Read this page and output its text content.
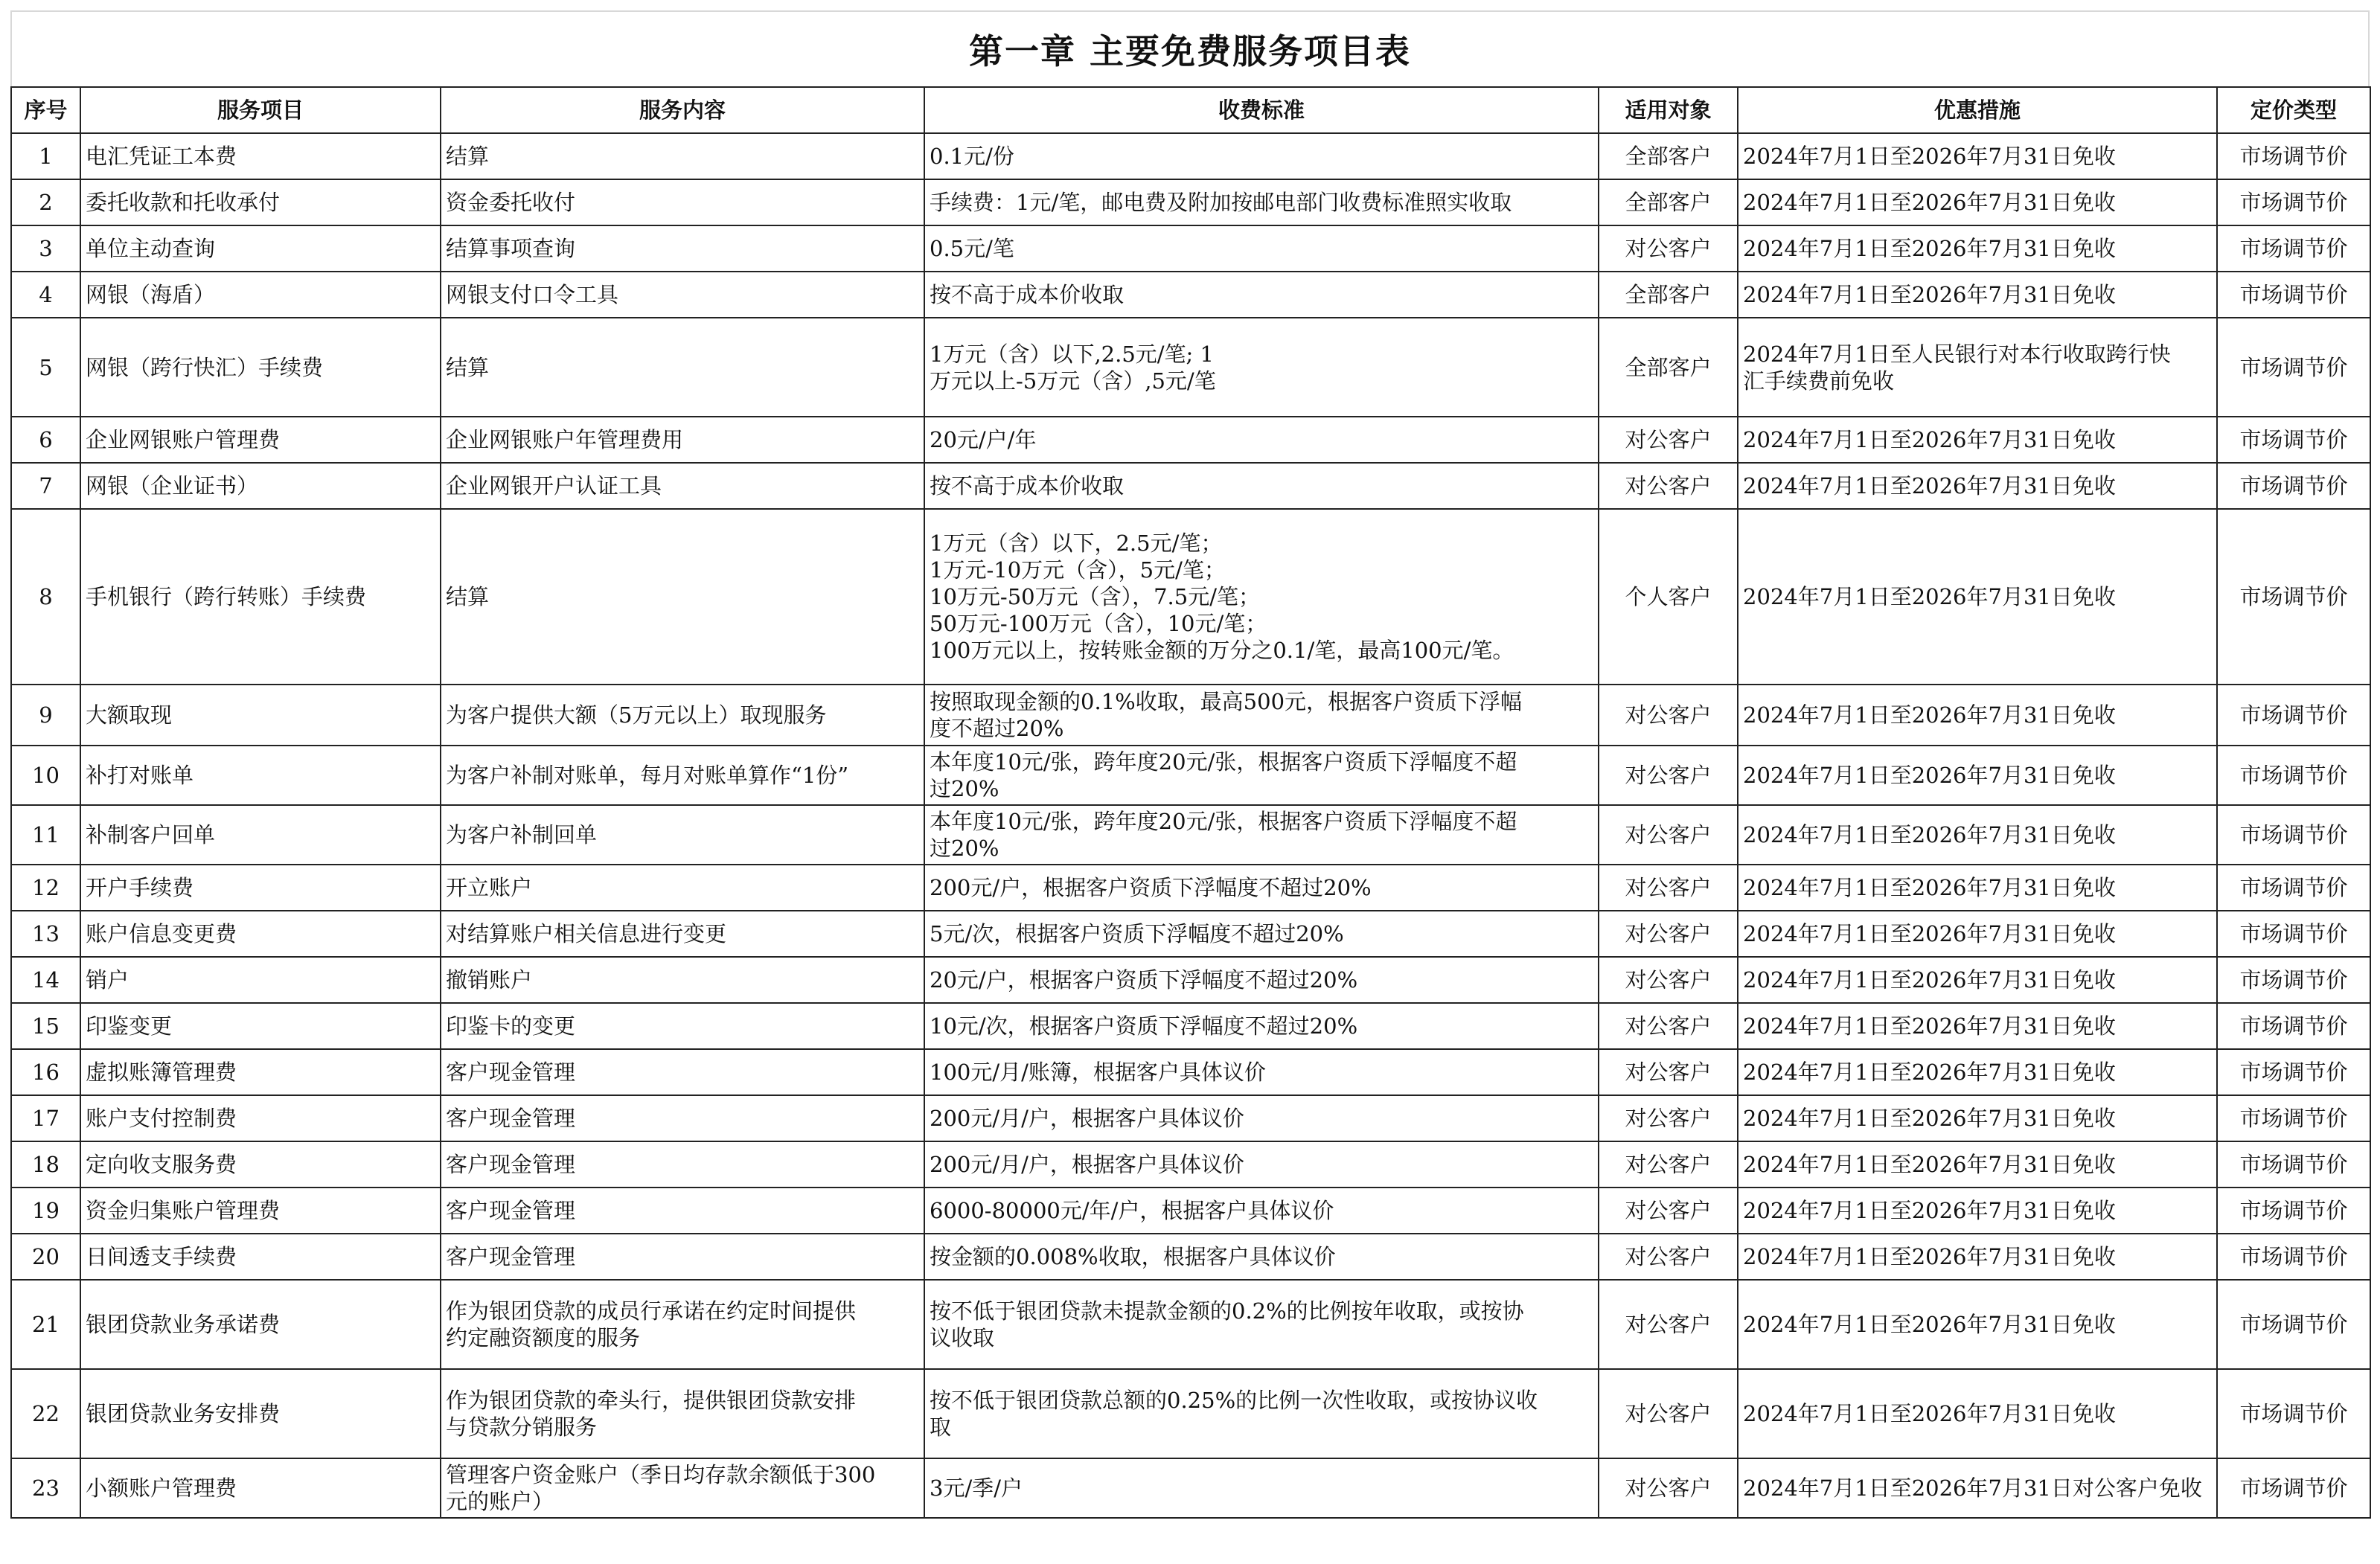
第一章 主要免费服务项目表
序号	服务项目	服务内容	收费标准	适用对象	优惠措施	定价类型
1	电汇凭证工本费	结算	0.1元/份	全部客户	2024年7月1日至2026年7月31日免收	市场调节价
2	委托收款和托收承付	资金委托收付	手续费：1元/笔，邮电费及附加按邮电部门收费标准照实收取	全部客户	2024年7月1日至2026年7月31日免收	市场调节价
3	单位主动查询	结算事项查询	0.5元/笔	对公客户	2024年7月1日至2026年7月31日免收	市场调节价
4	网银（海盾）	网银支付口令工具	按不高于成本价收取	全部客户	2024年7月1日至2026年7月31日免收	市场调节价
5	网银（跨行快汇）手续费	结算	1万元（含）以下,2.5元/笔; 1
万元以上-5万元（含）,5元/笔	全部客户	2024年7月1日至人民银行对本行收取跨行快
汇手续费前免收	市场调节价
6	企业网银账户管理费	企业网银账户年管理费用	20元/户/年	对公客户	2024年7月1日至2026年7月31日免收	市场调节价
7	网银（企业证书）	企业网银开户认证工具	按不高于成本价收取	对公客户	2024年7月1日至2026年7月31日免收	市场调节价
8	手机银行（跨行转账）手续费	结算	1万元（含）以下，2.5元/笔；
1万元-10万元（含），5元/笔；
10万元-50万元（含），7.5元/笔；
50万元-100万元（含），10元/笔；
100万元以上，按转账金额的万分之0.1/笔，最高100元/笔。	个人客户	2024年7月1日至2026年7月31日免收	市场调节价
9	大额取现	为客户提供大额（5万元以上）取现服务	按照取现金额的0.1%收取，最高500元，根据客户资质下浮幅
度不超过20%	对公客户	2024年7月1日至2026年7月31日免收	市场调节价
10	补打对账单	为客户补制对账单，每月对账单算作“1份”	本年度10元/张，跨年度20元/张，根据客户资质下浮幅度不超
过20%	对公客户	2024年7月1日至2026年7月31日免收	市场调节价
11	补制客户回单	为客户补制回单	本年度10元/张，跨年度20元/张，根据客户资质下浮幅度不超
过20%	对公客户	2024年7月1日至2026年7月31日免收	市场调节价
12	开户手续费	开立账户	200元/户，根据客户资质下浮幅度不超过20%	对公客户	2024年7月1日至2026年7月31日免收	市场调节价
13	账户信息变更费	对结算账户相关信息进行变更	5元/次，根据客户资质下浮幅度不超过20%	对公客户	2024年7月1日至2026年7月31日免收	市场调节价
14	销户	撤销账户	20元/户，根据客户资质下浮幅度不超过20%	对公客户	2024年7月1日至2026年7月31日免收	市场调节价
15	印鉴变更	印鉴卡的变更	10元/次，根据客户资质下浮幅度不超过20%	对公客户	2024年7月1日至2026年7月31日免收	市场调节价
16	虚拟账簿管理费	客户现金管理	100元/月/账簿，根据客户具体议价	对公客户	2024年7月1日至2026年7月31日免收	市场调节价
17	账户支付控制费	客户现金管理	200元/月/户，根据客户具体议价	对公客户	2024年7月1日至2026年7月31日免收	市场调节价
18	定向收支服务费	客户现金管理	200元/月/户，根据客户具体议价	对公客户	2024年7月1日至2026年7月31日免收	市场调节价
19	资金归集账户管理费	客户现金管理	6000-80000元/年/户，根据客户具体议价	对公客户	2024年7月1日至2026年7月31日免收	市场调节价
20	日间透支手续费	客户现金管理	按金额的0.008%收取，根据客户具体议价	对公客户	2024年7月1日至2026年7月31日免收	市场调节价
21	银团贷款业务承诺费	作为银团贷款的成员行承诺在约定时间提供
约定融资额度的服务	按不低于银团贷款未提款金额的0.2%的比例按年收取，或按协
议收取	对公客户	2024年7月1日至2026年7月31日免收	市场调节价
22	银团贷款业务安排费	作为银团贷款的牵头行，提供银团贷款安排
与贷款分销服务	按不低于银团贷款总额的0.25%的比例一次性收取，或按协议收
取	对公客户	2024年7月1日至2026年7月31日免收	市场调节价
23	小额账户管理费	管理客户资金账户（季日均存款余额低于300
元的账户）	3元/季/户	对公客户	2024年7月1日至2026年7月31日对公客户免收	市场调节价
